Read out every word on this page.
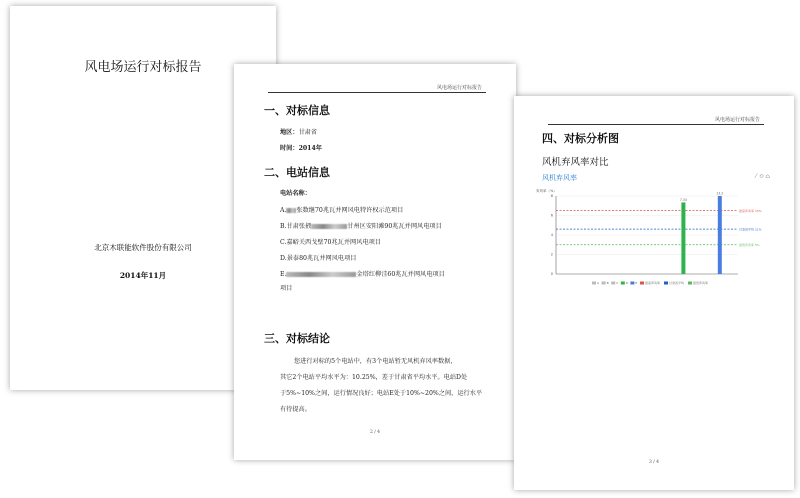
风电场运行对标报告
北京木联能软件股份有限公司
2014年11月
风电场运行对标报告
一、对标信息
地区：甘肃省
时间：2014年
二、电站信息
电站名称：
A. 张数继70兆瓦并网风电特许权示范项目
B.甘肃张掖	甘州区安阳滩90兆瓦并网风电项目
C.嘉峪关西戈壁70兆瓦并网风电项目
D.景泰80兆瓦并网风电项目
E.	金塔红柳洼60兆瓦并网风电项目
项目
三、对标结论
您进行对标的5个电站中，有3个电站暂无风机弃风率数据，
其它2个电站平均水平为：10.25%，差于甘肃省平均水平。电站D处
于5%~10%之间，运行情况良好；电站E处于10%~20%之间，运行水平
有待提高。
2 / 4
风电场运行对标报告
四、对标分析图
风机弃风率对比
风机弃风率	⁄ ⟲ ⌂
弃风率（%）
0
2
4
6
8
最高弃风率 15%
甘肃省平均 11%
最低弃风率 5%
7.34
13.2
A	B	C D E	最高弃风率	甘肃省平均	最低弃风率
3 / 4
